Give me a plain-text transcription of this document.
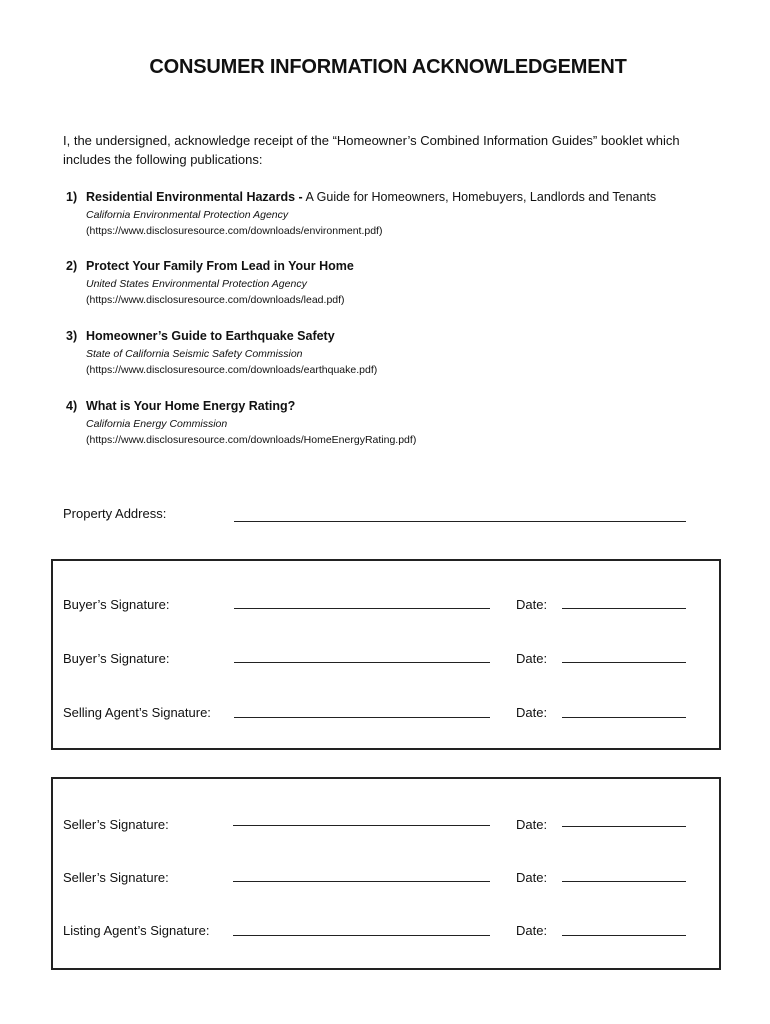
CONSUMER INFORMATION ACKNOWLEDGEMENT
I, the undersigned, acknowledge receipt of the “Homeowner’s Combined Information Guides” booklet which includes the following publications:
1) Residential Environmental Hazards - A Guide for Homeowners, Homebuyers, Landlords and Tenants
California Environmental Protection Agency
(https://www.disclosuresource.com/downloads/environment.pdf)
2) Protect Your Family From Lead in Your Home
United States Environmental Protection Agency
(https://www.disclosuresource.com/downloads/lead.pdf)
3) Homeowner’s Guide to Earthquake Safety
State of California Seismic Safety Commission
(https://www.disclosuresource.com/downloads/earthquake.pdf)
4) What is Your Home Energy Rating?
California Energy Commission
(https://www.disclosuresource.com/downloads/HomeEnergyRating.pdf)
Property Address:
Buyer’s Signature:	Date:
Buyer’s Signature:	Date:
Selling Agent’s Signature:	Date:
Seller’s Signature:	Date:
Seller’s Signature:	Date:
Listing Agent’s Signature:	Date:
